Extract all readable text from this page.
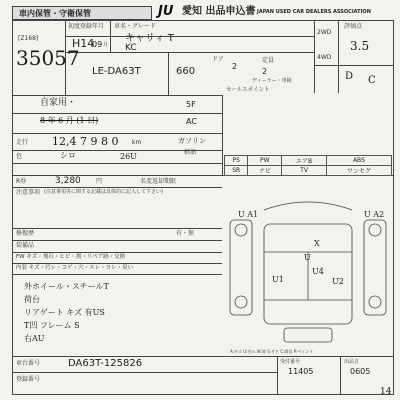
車内保管・守衛保管	JU 愛知 出品申込書 JAPAN USED CAR DEALERS ASSOCIATION
[Z168]
35057
初度登録年月
H14
09 月
車名・グレード
キャリィ T
KC
LE-DA63T	660
自家用・
8 年 6 月 (1 日)
走行 12,4 7 9 8 0 km
色	シロ	26U
R券	3,280	円	名変返却期限
注意事項 (注意事項等に関する記載は具体的に記入して下さい)
修復歴	有・無
装備品
FW キズ・飛石・ヒビ・割・リペア跡・交換
内装 キズ・汚レ・コゲ・穴・スレ・ヨレ・臭い
外ホイール・スチールT
荷台
リアゲート キズ 有US
T凹 フレーム S
右AU
車台番号	DA63T-125826
登録番号
2WD
4WD
評価点
3.5
D C
ドア
2
定員
2
ディーラー・車検
5F
AC
ガソリン
軽油
セールスポイント
PS	PW	エアB	ABS
SR	ナビ	TV	ワンセグ
U A1	U A2
U4
U1	U2
U
X
A:キズ U:凹み W:波 S:サビ C:腐食 P:ペイント
受付番号
11405
出品日
0605
14
